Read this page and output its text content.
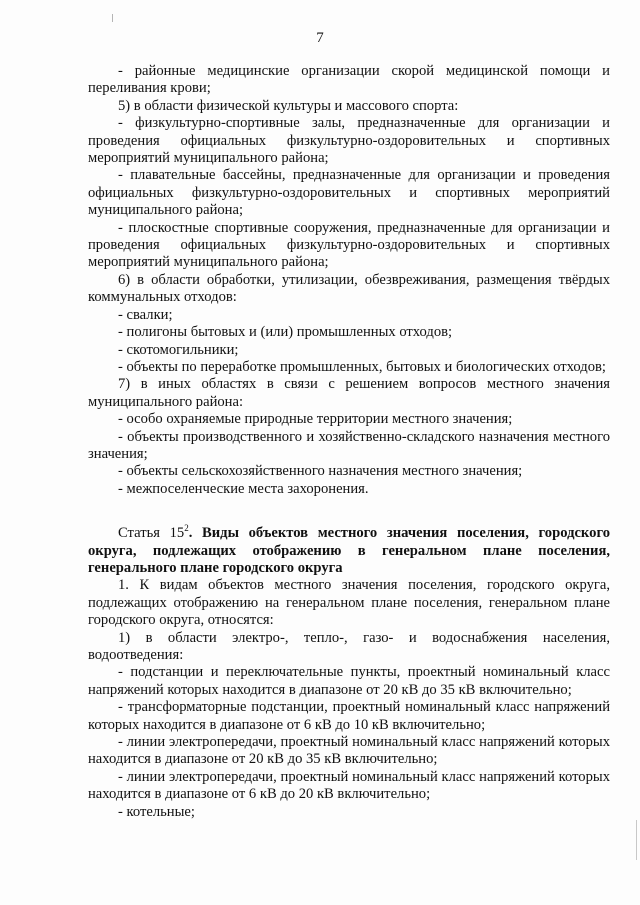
7

- районные медицинские организации скорой медицинской помощи и переливания крови;

5) в области физической культуры и массового спорта:

- физкультурно-спортивные залы, предназначенные для организации и проведения официальных физкультурно-оздоровительных и спортивных мероприятий муниципального района;

- плавательные бассейны, предназначенные для организации и проведения официальных физкультурно-оздоровительных и спортивных мероприятий муниципального района;

- плоскостные спортивные сооружения, предназначенные для организации и проведения официальных физкультурно-оздоровительных и спортивных мероприятий муниципального района;

6) в области обработки, утилизации, обезвреживания, размещения твёрдых коммунальных отходов:

- свалки;

- полигоны бытовых и (или) промышленных отходов;

- скотомогильники;

- объекты по переработке промышленных, бытовых и биологических отходов;

7) в иных областях в связи с решением вопросов местного значения муниципального района:

- особо охраняемые природные территории местного значения;

- объекты производственного и хозяйственно-складского назначения местного значения;

- объекты сельскохозяйственного назначения местного значения;

- межпоселенческие места захоронения.

Статья $15^2$. Виды объектов местного значения поселения, городского округа, подлежащих отображению в генеральном плане поселения, генерального плане городского округа

1. К видам объектов местного значения поселения, городского округа, подлежащих отображению на генеральном плане поселения, генеральном плане городского округа, относятся:

1) в области электро-, тепло-, газо- и водоснабжения населения, водоотведения:

- подстанции и переключательные пункты, проектный номинальный класс напряжений которых находится в диапазоне от 20 кВ до 35 кВ включительно;

- трансформаторные подстанции, проектный номинальный класс напряжений которых находится в диапазоне от 6 кВ до 10 кВ включительно;

- линии электропередачи, проектный номинальный класс напряжений которых находится в диапазоне от 20 кВ до 35 кВ включительно;

- линии электропередачи, проектный номинальный класс напряжений которых находится в диапазоне от 6 кВ до 20 кВ включительно;

- котельные;
